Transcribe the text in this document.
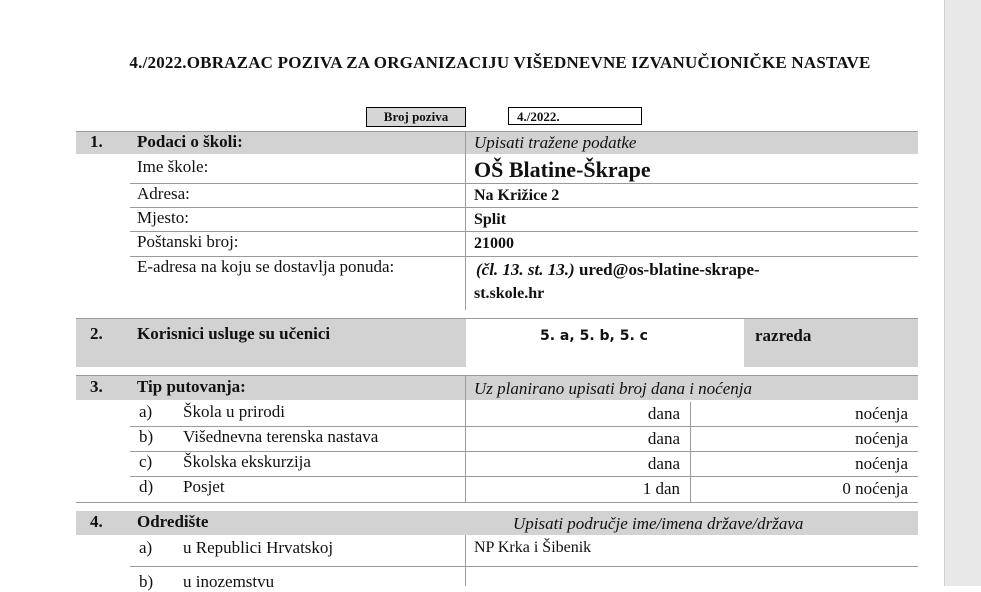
4./2022.OBRAZAC POZIVA ZA ORGANIZACIJU VIŠEDNEVNE IZVANUČIONIČKE NASTAVE
Broj poziva	4./2022.
1. Podaci o školi:	Upisati tražene podatke
Ime škole:	OŠ Blatine-Škrape
Adresa:	Na Križice 2
Mjesto:	Split
Poštanski broj:	21000
E-adresa na koju se dostavlja ponuda:	(čl. 13. st. 13.) ured@os-blatine-skrape-
st.skole.hr
2. Korisnici usluge su učenici	5. a, 5. b, 5. c	razreda
3. Tip putovanja:	Uz planirano upisati broj dana i noćenja
a) Škola u prirodi	dana	noćenja
b) Višednevna terenska nastava	dana	noćenja
c) Školska ekskurzija	dana	noćenja
d) Posjet	1 dan	0 noćenja
4. Odredište	Upisati područje ime/imena države/država
a) u Republici Hrvatskoj	NP Krka i Šibenik
b) u inozemstvu
